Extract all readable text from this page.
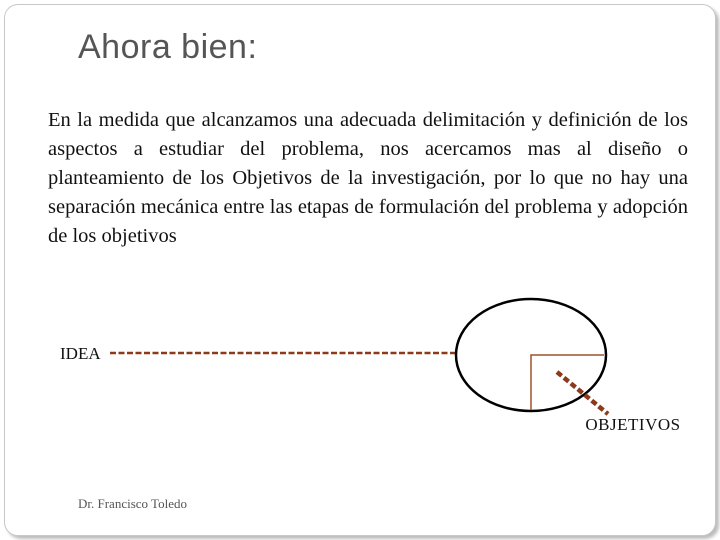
Ahora bien:

En la medida que alcanzamos una adecuada delimitación y definición de los aspectos a estudiar del problema, nos acercamos mas al diseño o planteamiento de los Objetivos de la investigación, por lo que no hay una separación mecánica entre las etapas de formulación del problema y adopción de los objetivos

IDEA
OBJETIVOS
Dr. Francisco Toledo
